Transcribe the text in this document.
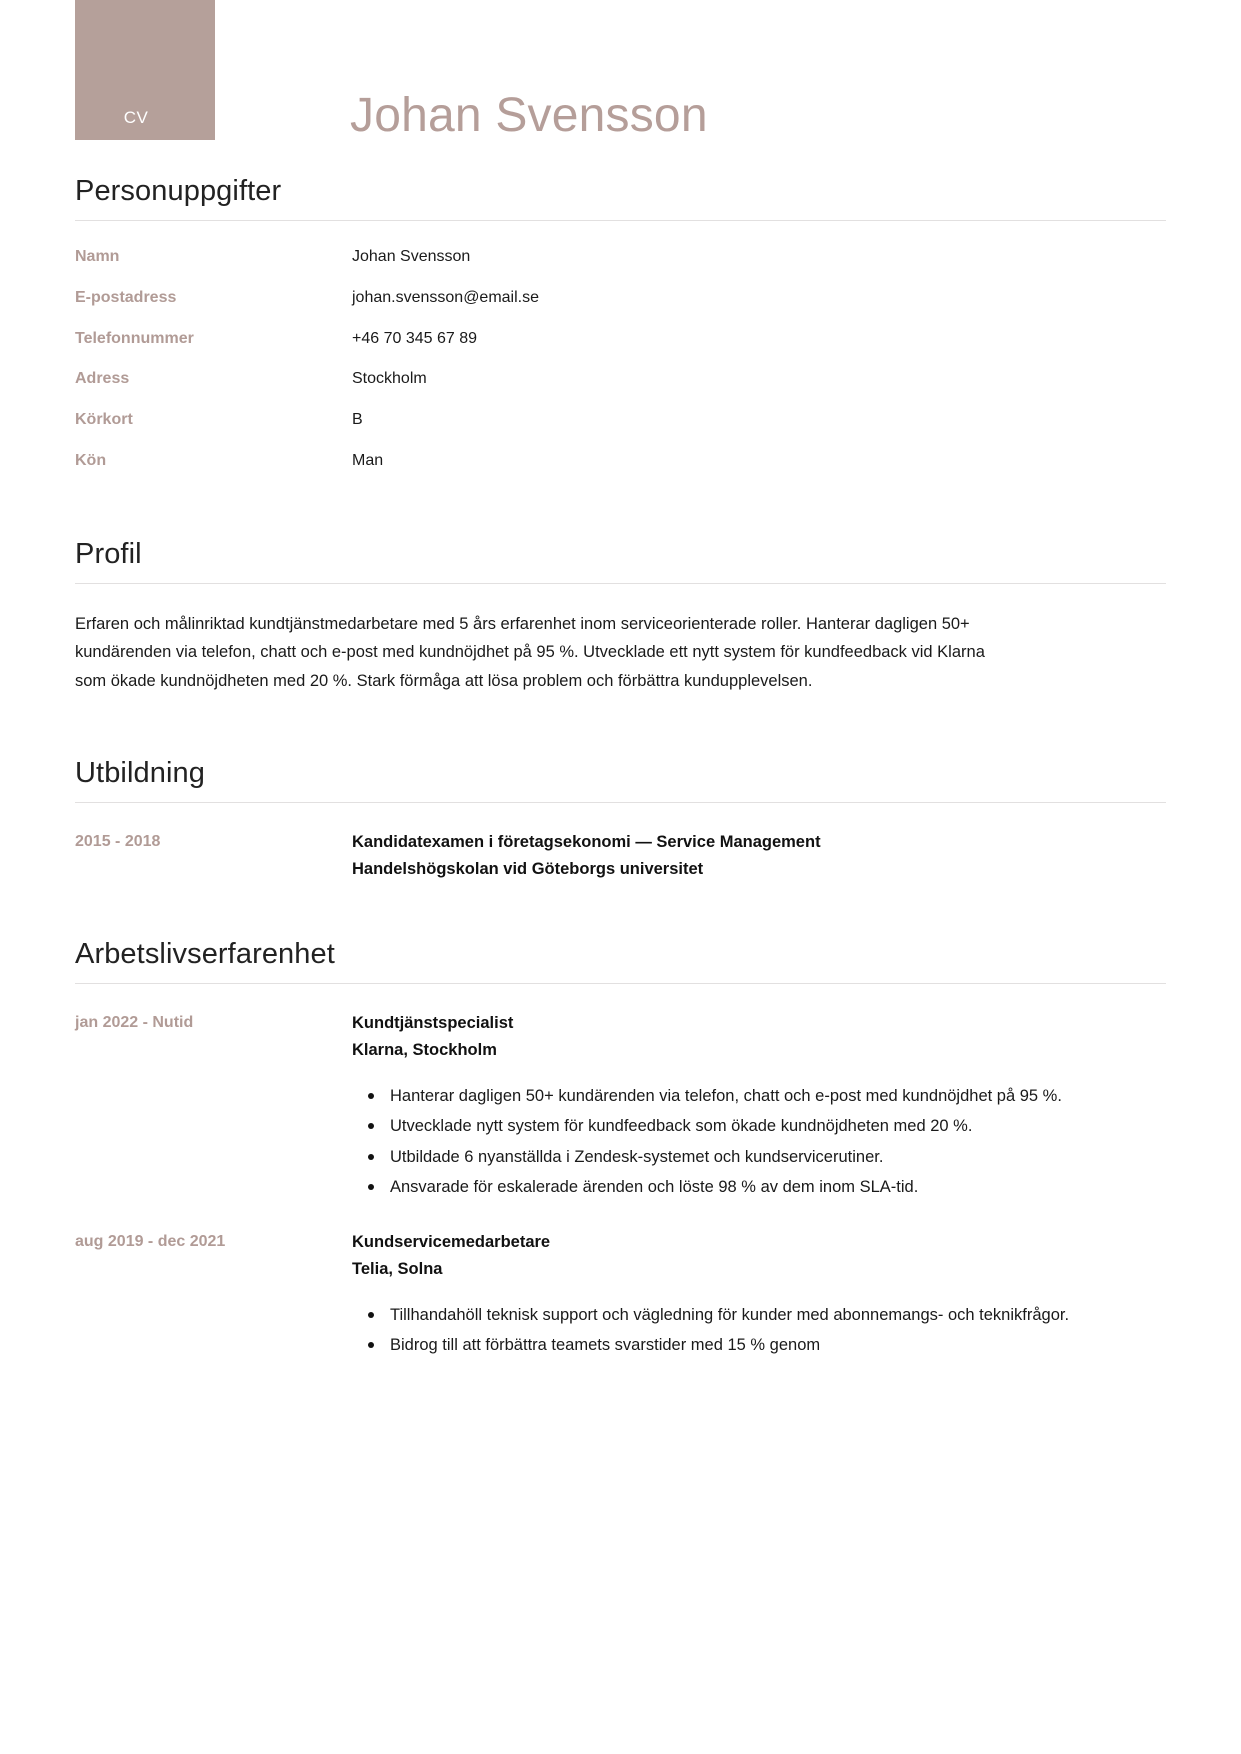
CV	Johan Svensson
Personuppgifter
Namn	Johan Svensson
E-postadress	johan.svensson@email.se
Telefonnummer	+46 70 345 67 89
Adress	Stockholm
Körkort	B
Kön	Man
Profil

Erfaren och målinriktad kundtjänstmedarbetare med 5 års erfarenhet inom serviceorienterade roller. Hanterar dagligen 50+ kundärenden via telefon, chatt och e-post med kundnöjdhet på 95 %. Utvecklade ett nytt system för kundfeedback vid Klarna som ökade kundnöjdheten med 20 %. Stark förmåga att lösa problem och förbättra kundupplevelsen.

Utbildning
2015 - 2018	Kandidatexamen i företagsekonomi — Service Management
Handelshögskolan vid Göteborgs universitet
Arbetslivserfarenhet
jan 2022 - Nutid	Kundtjänstspecialist
Klarna, Stockholm
Hanterar dagligen 50+ kundärenden via telefon, chatt och e-post med kundnöjdhet på 95 %.
Utvecklade nytt system för kundfeedback som ökade kundnöjdheten med 20 %.
Utbildade 6 nyanställda i Zendesk-systemet och kundservicerutiner.
Ansvarade för eskalerade ärenden och löste 98 % av dem inom SLA-tid.
aug 2019 - dec 2021	Kundservicemedarbetare
Telia, Solna
Tillhandahöll teknisk support och vägledning för kunder med abonnemangs- och teknikfrågor.
Bidrog till att förbättra teamets svarstider med 15 % genom
